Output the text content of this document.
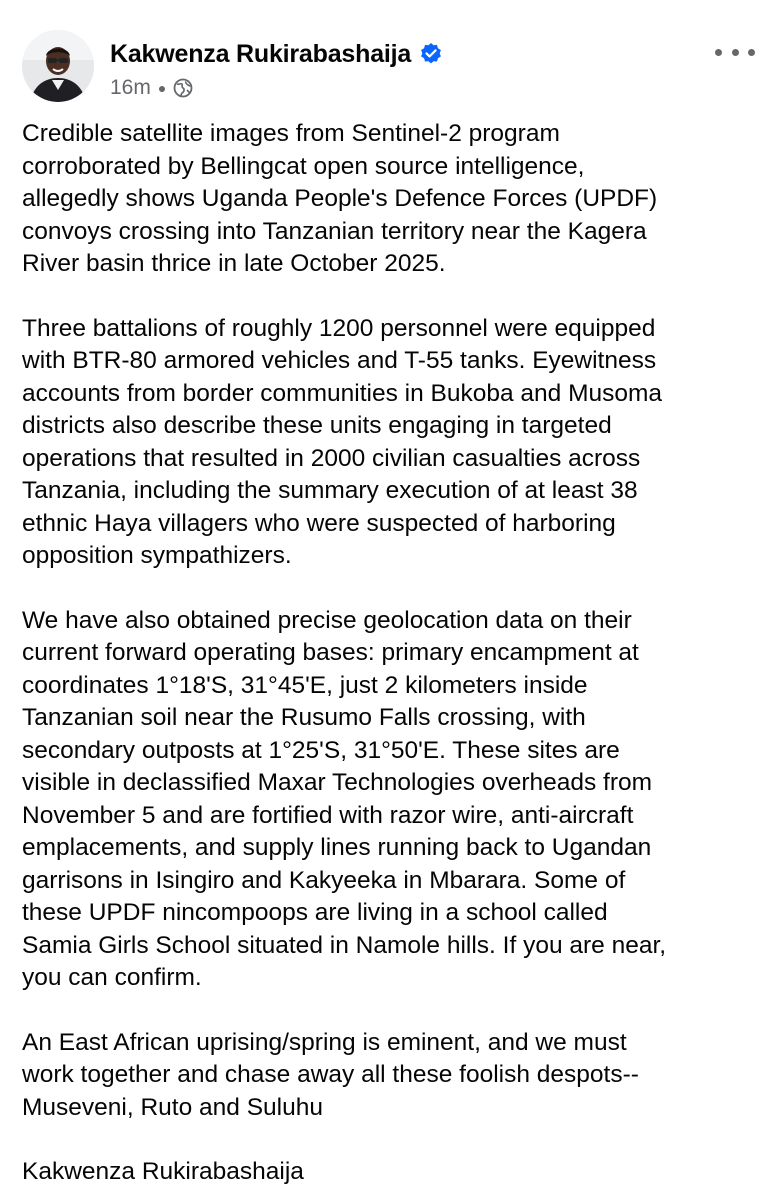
Kakwenza Rukirabashaija
16m ●

Credible satellite images from Sentinel-2 program
corroborated by Bellingcat open source intelligence,
allegedly shows Uganda People's Defence Forces (UPDF)
convoys crossing into Tanzanian territory near the Kagera
River basin thrice in late October 2025.

Three battalions of roughly 1200 personnel were equipped
with BTR-80 armored vehicles and T-55 tanks. Eyewitness
accounts from border communities in Bukoba and Musoma
districts also describe these units engaging in targeted
operations that resulted in 2000 civilian casualties across
Tanzania, including the summary execution of at least 38
ethnic Haya villagers who were suspected of harboring
opposition sympathizers.

We have also obtained precise geolocation data on their
current forward operating bases: primary encampment at
coordinates 1°18'S, 31°45'E, just 2 kilometers inside
Tanzanian soil near the Rusumo Falls crossing, with
secondary outposts at 1°25'S, 31°50'E. These sites are
visible in declassified Maxar Technologies overheads from
November 5 and are fortified with razor wire, anti-aircraft
emplacements, and supply lines running back to Ugandan
garrisons in Isingiro and Kakyeeka in Mbarara. Some of
these UPDF nincompoops are living in a school called
Samia Girls School situated in Namole hills. If you are near,
you can confirm.

An East African uprising/spring is eminent, and we must
work together and chase away all these foolish despots--
Museveni, Ruto and Suluhu

Kakwenza Rukirabashaija
